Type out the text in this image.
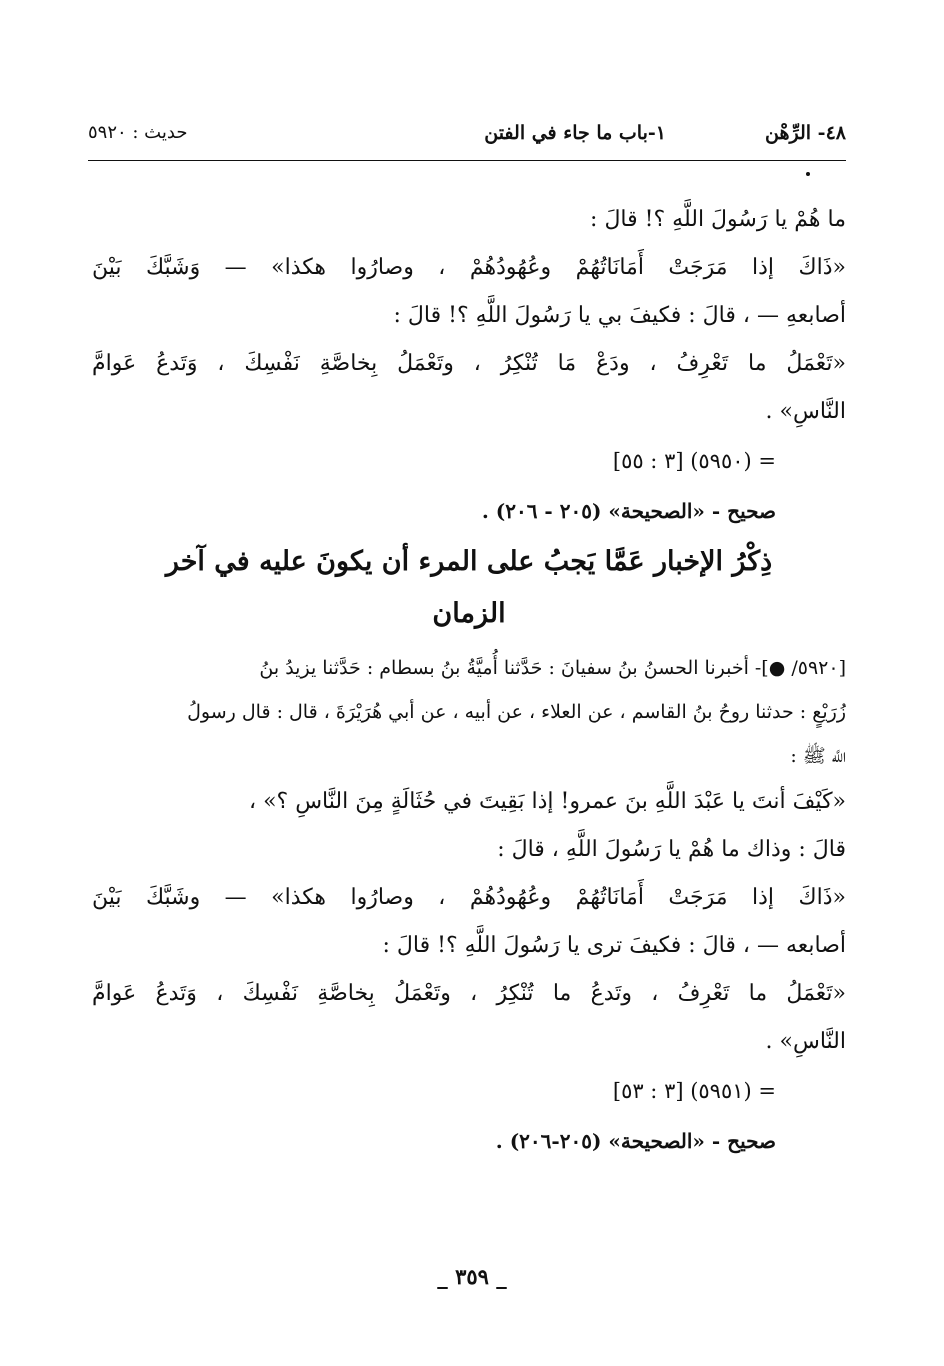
٤٨- الرِّهْن
١-باب ما جاء في الفتن
حديث : ٥٩٢٠
ما هُمْ يا رَسُولَ اللَّهِ ؟! قالَ :
«ذَاكَ إذا مَرَجَتْ أَمَانَاتُهُمْ وعُهُودُهُمْ ، وصارُوا هكذا» — وَشَبَّكَ بَيْنَ
أصابعهِ — ، قالَ : فكيفَ بي يا رَسُولَ اللَّهِ ؟! قالَ :
«تَعْمَلُ ما تَعْرِفُ ، ودَعْ مَا تُنْكِرُ ، وتَعْمَلُ بِخاصَّةِ نَفْسِكَ ، وَتَدعُ عَوامَّ
النَّاسِ» .
= (٥٩٥٠) [٣ : ٥٥]
صحيح - «الصحيحة» (٢٠٥ - ٢٠٦) .
ذِكْرُ الإخبار عَمَّا يَجبُ على المرء أن يكونَ عليه في آخر
الزمان
[٥٩٢٠/ ●]- أخبرنا الحسنُ بنُ سفيانَ : حَدَّثنا أُميَّةُ بنُ بسطام : حَدَّثنا يزيدُ بنُ
زُرَيْعٍ : حدثنا روحُ بنُ القاسم ، عن العلاء ، عن أبيه ، عن أبي هُرَيْرَةَ ، قال : قال رسولُ
اللَّه ﷺ :
«كَيْفَ أنتَ يا عَبْدَ اللَّهِ بنَ عمرو! إذا بَقِيتَ في حُثَالَةٍ مِنَ النَّاسِ ؟» ،
قالَ : وذاك ما هُمْ يا رَسُولَ اللَّهِ ، قالَ :
«ذَاكَ إذا مَرَجَتْ أَمَانَاتُهُمْ وعُهُودُهُمْ ، وصارُوا هكذا» — وشَبَّكَ بَيْنَ
أصابعه — ، قالَ : فكيفَ ترى يا رَسُولَ اللَّهِ ؟! قالَ :
«تَعْمَلُ ما تَعْرِفُ ، وتَدعُ ما تُنْكِرُ ، وتَعْمَلُ بِخاصَّةِ نَفْسِكَ ، وَتَدعُ عَوامَّ
النَّاسِ» .
= (٥٩٥١) [٣ : ٥٣]
صحيح - «الصحيحة» (٢٠٥-٢٠٦) .
_ ٣٥٩ _
